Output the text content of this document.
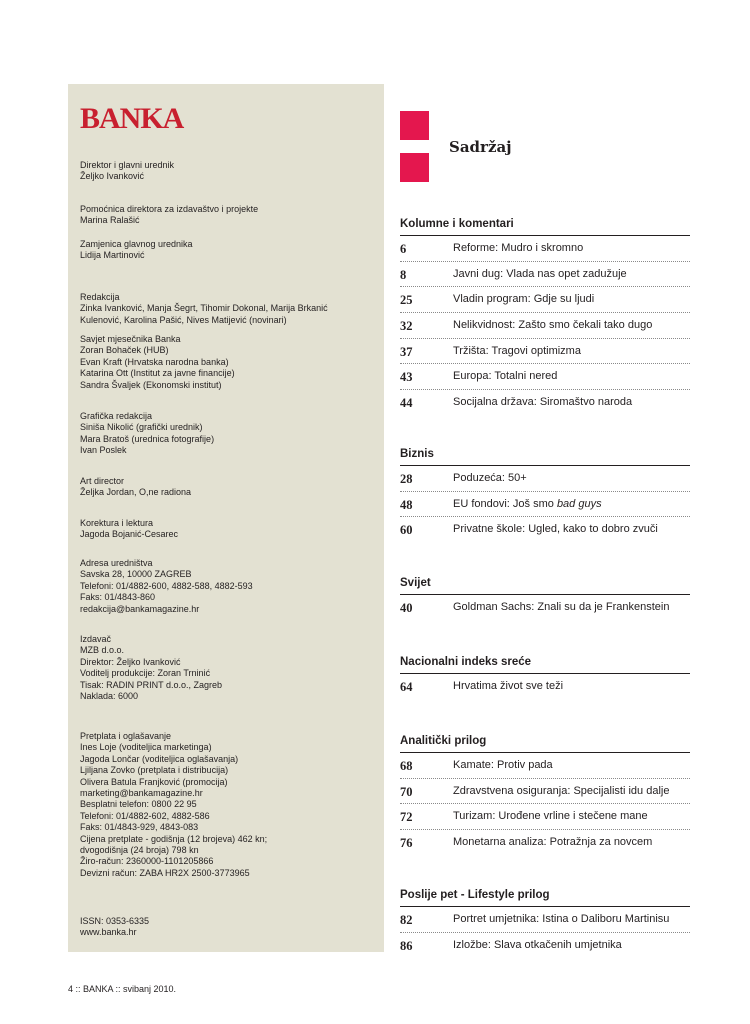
BANKA
Direktor i glavni urednik
Željko Ivanković
Pomoćnica direktora za izdavaštvo i projekte
Marina Ralašić
Zamjenica glavnog urednika
Lidija Martinović
Redakcija
Zinka Ivanković, Manja Šegrt, Tihomir Dokonal, Marija Brkanić
Kulenović, Karolina Pašić, Nives Matijević (novinari)
Savjet mjesečnika Banka
Zoran Bohaček (HUB)
Evan Kraft (Hrvatska narodna banka)
Katarina Ott (Institut za javne financije)
Sandra Švaljek (Ekonomski institut)
Grafička redakcija
Siniša Nikolić (grafički urednik)
Mara Bratoš (urednica fotografije)
Ivan Poslek
Art director
Željka Jordan, O,ne radiona
Korektura i lektura
Jagoda Bojanić-Cesarec
Adresa uredništva
Savska 28, 10000 ZAGREB
Telefoni: 01/4882-600, 4882-588, 4882-593
Faks: 01/4843-860
redakcija@bankamagazine.hr
Izdavač
MZB d.o.o.
Direktor: Željko Ivanković
Voditelj produkcije: Zoran Trninić
Tisak: RADIN PRINT d.o.o., Zagreb
Naklada: 6000
Pretplata i oglašavanje
Ines Loje (voditeljica marketinga)
Jagoda Lončar (voditeljica oglašavanja)
Ljiljana Zovko (pretplata i distribucija)
Olivera Batula Franjković (promocija)
marketing@bankamagazine.hr
Besplatni telefon: 0800 22 95
Telefoni: 01/4882-602, 4882-586
Faks: 01/4843-929, 4843-083
Cijena pretplate - godišnja (12 brojeva) 462 kn;
dvogodišnja (24 broja) 798 kn
Žiro-račun: 2360000-1101205866
Devizni račun: ZABA HR2X 2500-3773965
ISSN: 0353-6335
www.banka.hr
Sadržaj
Kolumne i komentari
6	Reforme: Mudro i skromno
8	Javni dug: Vlada nas opet zadužuje
25	Vladin program: Gdje su ljudi
32	Nelikvidnost: Zašto smo čekali tako dugo
37	Tržišta: Tragovi optimizma
43	Europa: Totalni nered
44	Socijalna država: Siromaštvo naroda
Biznis
28	Poduzeća: 50+
48	EU fondovi: Još smo bad guys
60	Privatne škole: Ugled, kako to dobro zvuči
Svijet
40	Goldman Sachs: Znali su da je Frankenstein
Nacionalni indeks sreće
64	Hrvatima život sve teži
Analitički prilog
68	Kamate: Protiv pada
70	Zdravstvena osiguranja: Specijalisti idu dalje
72	Turizam: Urođene vrline i stečene mane
76	Monetarna analiza: Potražnja za novcem
Poslije pet - Lifestyle prilog
82	Portret umjetnika: Istina o Daliboru Martinisu
86	Izložbe: Slava otkačenih umjetnika
4 :: BANKA :: svibanj 2010.
